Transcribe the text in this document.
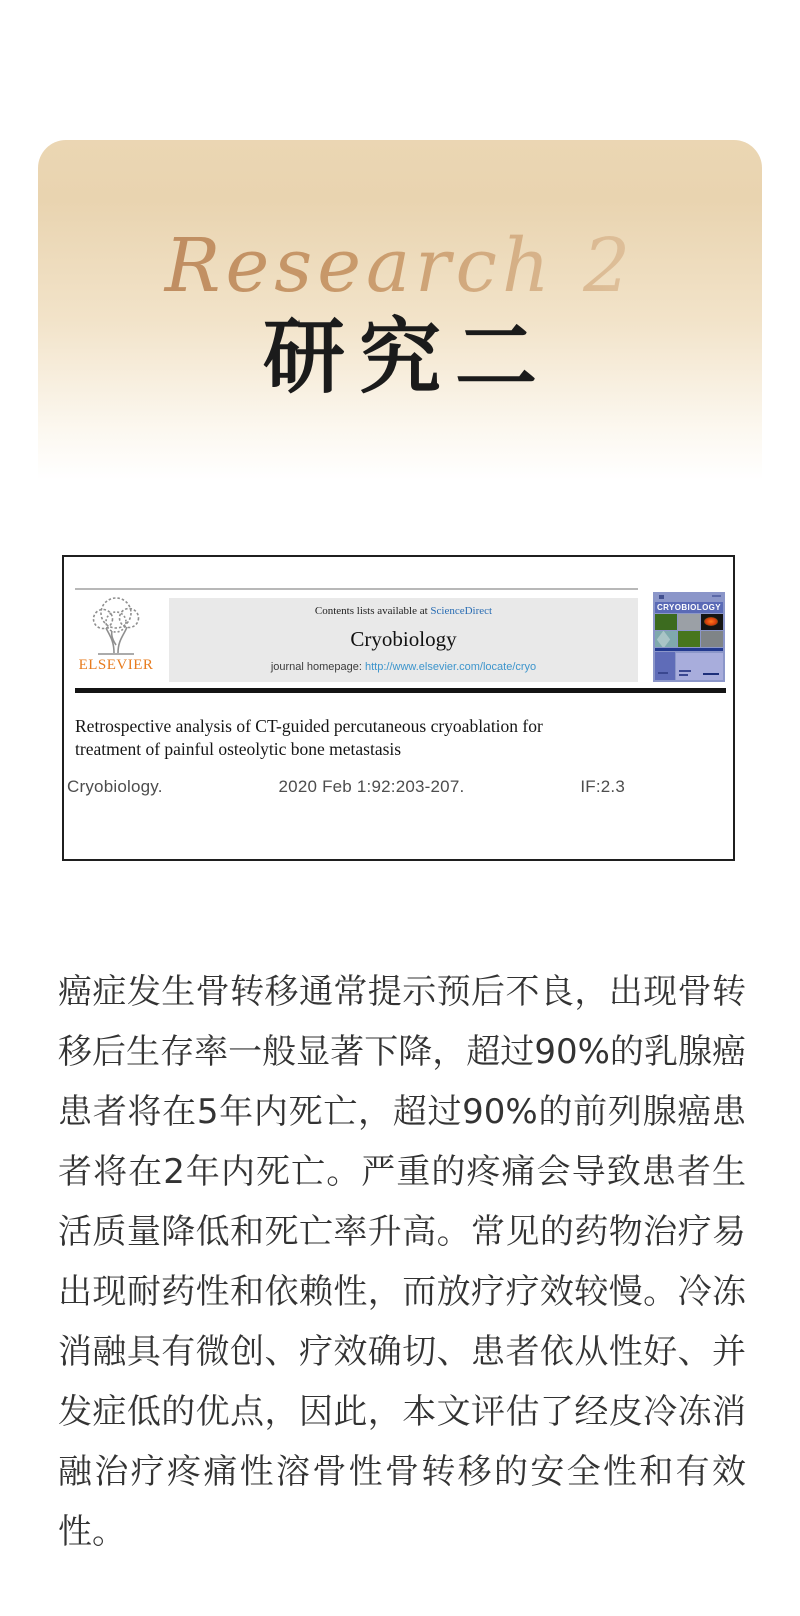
Research 2
研究二
ELSEVIER
Contents lists available at ScienceDirect
Cryobiology
journal homepage: http://www.elsevier.com/locate/cryo
CRYOBIOLOGY
Retrospective analysis of CT-guided percutaneous cryoablation for
treatment of painful osteolytic bone metastasis
Cryobiology.	2020 Feb 1:92:203-207.	IF:2.3
癌症发生骨转移通常提示预后不良，出现骨转
移后生存率一般显著下降，超过90%的乳腺癌
患者将在5年内死亡，超过90%的前列腺癌患
者将在2年内死亡。严重的疼痛会导致患者生
活质量降低和死亡率升高。常见的药物治疗易
出现耐药性和依赖性，而放疗疗效较慢。冷冻
消融具有微创、疗效确切、患者依从性好、并
发症低的优点，因此，本文评估了经皮冷冻消
融治疗疼痛性溶骨性骨转移的安全性和有效
性。
